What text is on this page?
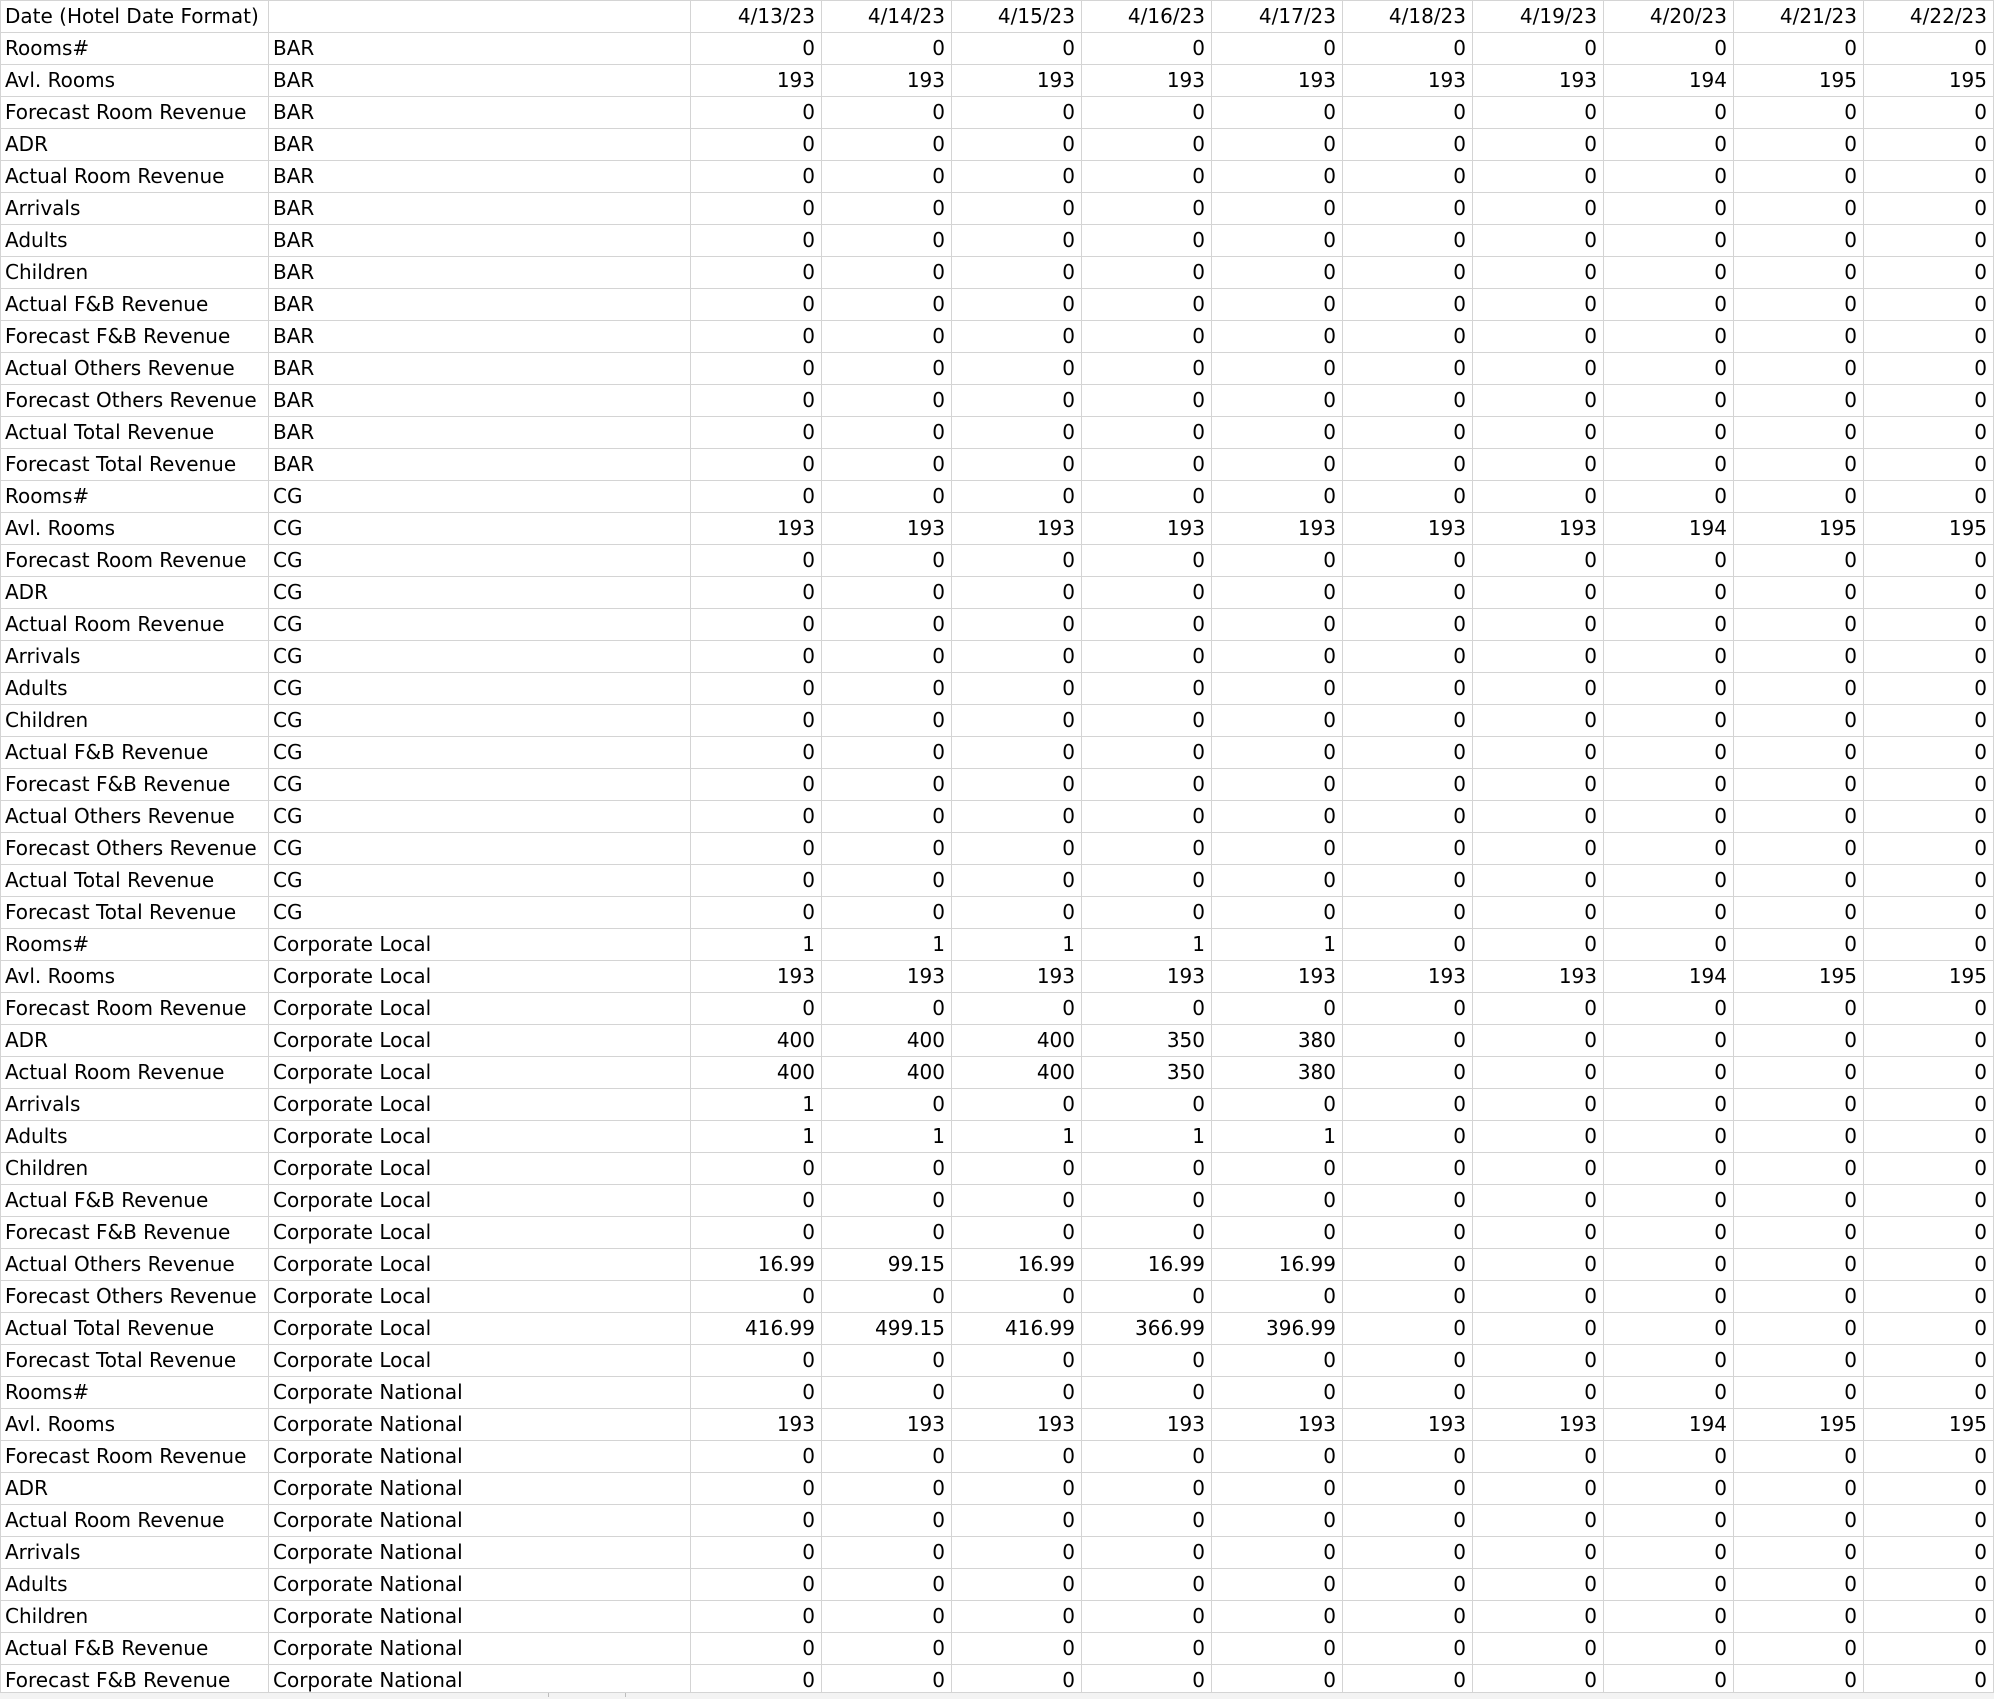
Date (Hotel Date Format)		4/13/23	4/14/23	4/15/23	4/16/23	4/17/23	4/18/23	4/19/23	4/20/23	4/21/23	4/22/23
Rooms#	BAR	0	0	0	0	0	0	0	0	0	0
Avl. Rooms	BAR	193	193	193	193	193	193	193	194	195	195
Forecast Room Revenue	BAR	0	0	0	0	0	0	0	0	0	0
ADR	BAR	0	0	0	0	0	0	0	0	0	0
Actual Room Revenue	BAR	0	0	0	0	0	0	0	0	0	0
Arrivals	BAR	0	0	0	0	0	0	0	0	0	0
Adults	BAR	0	0	0	0	0	0	0	0	0	0
Children	BAR	0	0	0	0	0	0	0	0	0	0
Actual F&B Revenue	BAR	0	0	0	0	0	0	0	0	0	0
Forecast F&B Revenue	BAR	0	0	0	0	0	0	0	0	0	0
Actual Others Revenue	BAR	0	0	0	0	0	0	0	0	0	0
Forecast Others Revenue	BAR	0	0	0	0	0	0	0	0	0	0
Actual Total Revenue	BAR	0	0	0	0	0	0	0	0	0	0
Forecast Total Revenue	BAR	0	0	0	0	0	0	0	0	0	0
Rooms#	CG	0	0	0	0	0	0	0	0	0	0
Avl. Rooms	CG	193	193	193	193	193	193	193	194	195	195
Forecast Room Revenue	CG	0	0	0	0	0	0	0	0	0	0
ADR	CG	0	0	0	0	0	0	0	0	0	0
Actual Room Revenue	CG	0	0	0	0	0	0	0	0	0	0
Arrivals	CG	0	0	0	0	0	0	0	0	0	0
Adults	CG	0	0	0	0	0	0	0	0	0	0
Children	CG	0	0	0	0	0	0	0	0	0	0
Actual F&B Revenue	CG	0	0	0	0	0	0	0	0	0	0
Forecast F&B Revenue	CG	0	0	0	0	0	0	0	0	0	0
Actual Others Revenue	CG	0	0	0	0	0	0	0	0	0	0
Forecast Others Revenue	CG	0	0	0	0	0	0	0	0	0	0
Actual Total Revenue	CG	0	0	0	0	0	0	0	0	0	0
Forecast Total Revenue	CG	0	0	0	0	0	0	0	0	0	0
Rooms#	Corporate Local	1	1	1	1	1	0	0	0	0	0
Avl. Rooms	Corporate Local	193	193	193	193	193	193	193	194	195	195
Forecast Room Revenue	Corporate Local	0	0	0	0	0	0	0	0	0	0
ADR	Corporate Local	400	400	400	350	380	0	0	0	0	0
Actual Room Revenue	Corporate Local	400	400	400	350	380	0	0	0	0	0
Arrivals	Corporate Local	1	0	0	0	0	0	0	0	0	0
Adults	Corporate Local	1	1	1	1	1	0	0	0	0	0
Children	Corporate Local	0	0	0	0	0	0	0	0	0	0
Actual F&B Revenue	Corporate Local	0	0	0	0	0	0	0	0	0	0
Forecast F&B Revenue	Corporate Local	0	0	0	0	0	0	0	0	0	0
Actual Others Revenue	Corporate Local	16.99	99.15	16.99	16.99	16.99	0	0	0	0	0
Forecast Others Revenue	Corporate Local	0	0	0	0	0	0	0	0	0	0
Actual Total Revenue	Corporate Local	416.99	499.15	416.99	366.99	396.99	0	0	0	0	0
Forecast Total Revenue	Corporate Local	0	0	0	0	0	0	0	0	0	0
Rooms#	Corporate National	0	0	0	0	0	0	0	0	0	0
Avl. Rooms	Corporate National	193	193	193	193	193	193	193	194	195	195
Forecast Room Revenue	Corporate National	0	0	0	0	0	0	0	0	0	0
ADR	Corporate National	0	0	0	0	0	0	0	0	0	0
Actual Room Revenue	Corporate National	0	0	0	0	0	0	0	0	0	0
Arrivals	Corporate National	0	0	0	0	0	0	0	0	0	0
Adults	Corporate National	0	0	0	0	0	0	0	0	0	0
Children	Corporate National	0	0	0	0	0	0	0	0	0	0
Actual F&B Revenue	Corporate National	0	0	0	0	0	0	0	0	0	0
Forecast F&B Revenue	Corporate National	0	0	0	0	0	0	0	0	0	0
